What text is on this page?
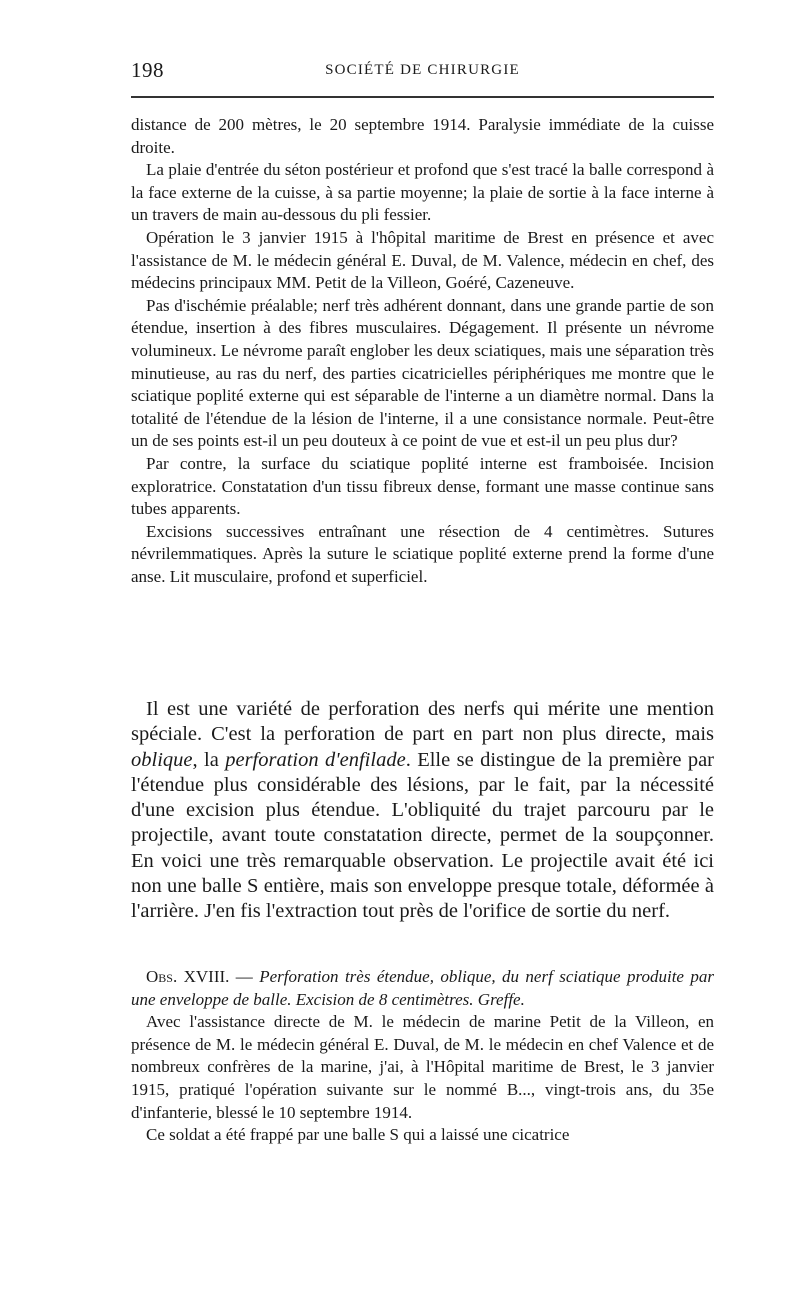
198	SOCIÉTÉ DE CHIRURGIE

distance de 200 mètres, le 20 septembre 1914. Paralysie immédiate de la cuisse droite.

La plaie d'entrée du séton postérieur et profond que s'est tracé la balle correspond à la face externe de la cuisse, à sa partie moyenne; la plaie de sortie à la face interne à un travers de main au-dessous du pli fessier.

Opération le 3 janvier 1915 à l'hôpital maritime de Brest en présence et avec l'assistance de M. le médecin général E. Duval, de M. Valence, médecin en chef, des médecins principaux MM. Petit de la Villeon, Goéré, Cazeneuve.

Pas d'ischémie préalable; nerf très adhérent donnant, dans une grande partie de son étendue, insertion à des fibres musculaires. Dégagement. Il présente un névrome volumineux. Le névrome paraît englober les deux sciatiques, mais une séparation très minutieuse, au ras du nerf, des parties cicatricielles périphériques me montre que le sciatique poplité externe qui est séparable de l'interne a un diamètre normal. Dans la totalité de l'étendue de la lésion de l'interne, il a une consistance normale. Peut-être un de ses points est-il un peu douteux à ce point de vue et est-il un peu plus dur?

Par contre, la surface du sciatique poplité interne est framboisée. Incision exploratrice. Constatation d'un tissu fibreux dense, formant une masse continue sans tubes apparents.

Excisions successives entraînant une résection de 4 centimètres. Sutures névrilemmatiques. Après la suture le sciatique poplité externe prend la forme d'une anse. Lit musculaire, profond et superficiel.

Il est une variété de perforation des nerfs qui mérite une mention spéciale. C'est la perforation de part en part non plus directe, mais oblique, la perforation d'enfilade. Elle se distingue de la première par l'étendue plus considérable des lésions, par le fait, par la nécessité d'une excision plus étendue. L'obliquité du trajet parcouru par le projectile, avant toute constatation directe, permet de la soupçonner. En voici une très remarquable observation. Le projectile avait été ici non une balle S entière, mais son enveloppe presque totale, déformée à l'arrière. J'en fis l'extraction tout près de l'orifice de sortie du nerf.

Obs. XVIII. — Perforation très étendue, oblique, du nerf sciatique produite par une enveloppe de balle. Excision de 8 centimètres. Greffe.

Avec l'assistance directe de M. le médecin de marine Petit de la Villeon, en présence de M. le médecin général E. Duval, de M. le médecin en chef Valence et de nombreux confrères de la marine, j'ai, à l'Hôpital maritime de Brest, le 3 janvier 1915, pratiqué l'opération suivante sur le nommé B..., vingt-trois ans, du 35e d'infanterie, blessé le 10 septembre 1914.

Ce soldat a été frappé par une balle S qui a laissé une cicatrice
